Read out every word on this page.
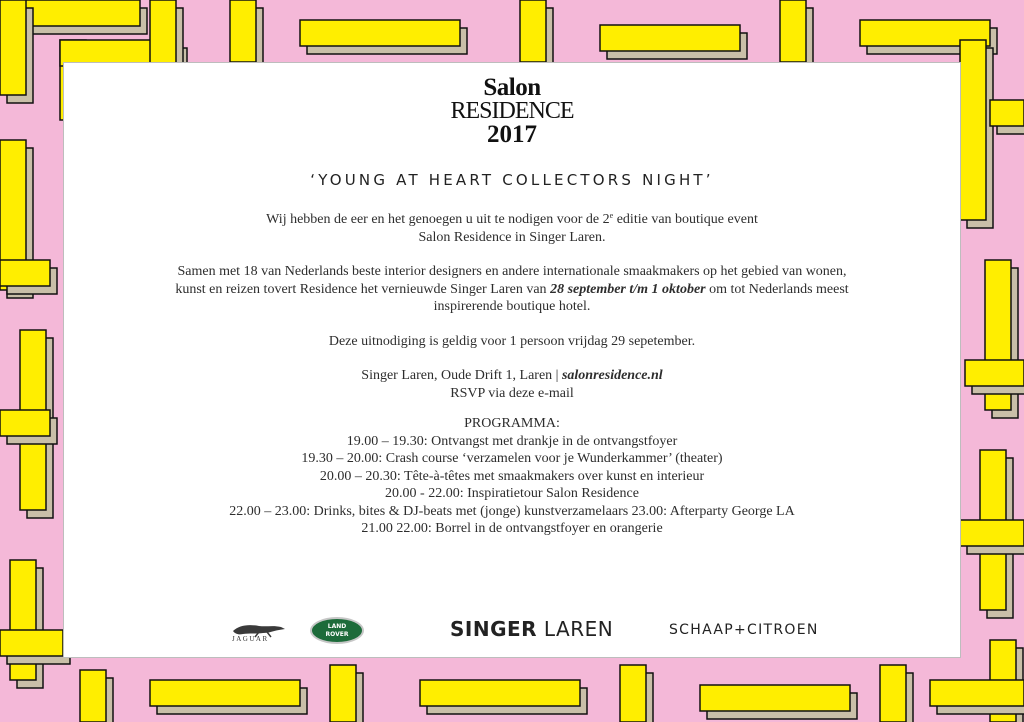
Salon
RESIDENCE
2017
‘YOUNG AT HEART COLLECTORS NIGHT’

Wij hebben de eer en het genoegen u uit te nodigen voor de 2e editie van boutique event

Salon Residence in Singer Laren.

Samen met 18 van Nederlands beste interior designers en andere internationale smaakmakers op het gebied van wonen,

kunst en reizen tovert Residence het vernieuwde Singer Laren van 28 september t/m 1 oktober om tot Nederlands meest

inspirerende boutique hotel.

Deze uitnodiging is geldig voor 1 persoon vrijdag 29 sepetember.

Singer Laren, Oude Drift 1, Laren | salonresidence.nl

RSVP via deze e-mail

PROGRAMMA:

19.00 – 19.30: Ontvangst met drankje in de ontvangstfoyer

19.30 – 20.00: Crash course ‘verzamelen voor je Wunderkammer’ (theater)

20.00 – 20.30: Tête-à-têtes met smaakmakers over kunst en interieur

20.00 - 22.00: Inspiratietour Salon Residence

22.00 – 23.00: Drinks, bites & DJ-beats met (jonge) kunstverzamelaars 23.00: Afterparty George LA

21.00 22.00: Borrel in de ontvangstfoyer en orangerie

JAGUAR
LAND
ROVER	SINGER LAREN	SCHAAP+CITROEN
